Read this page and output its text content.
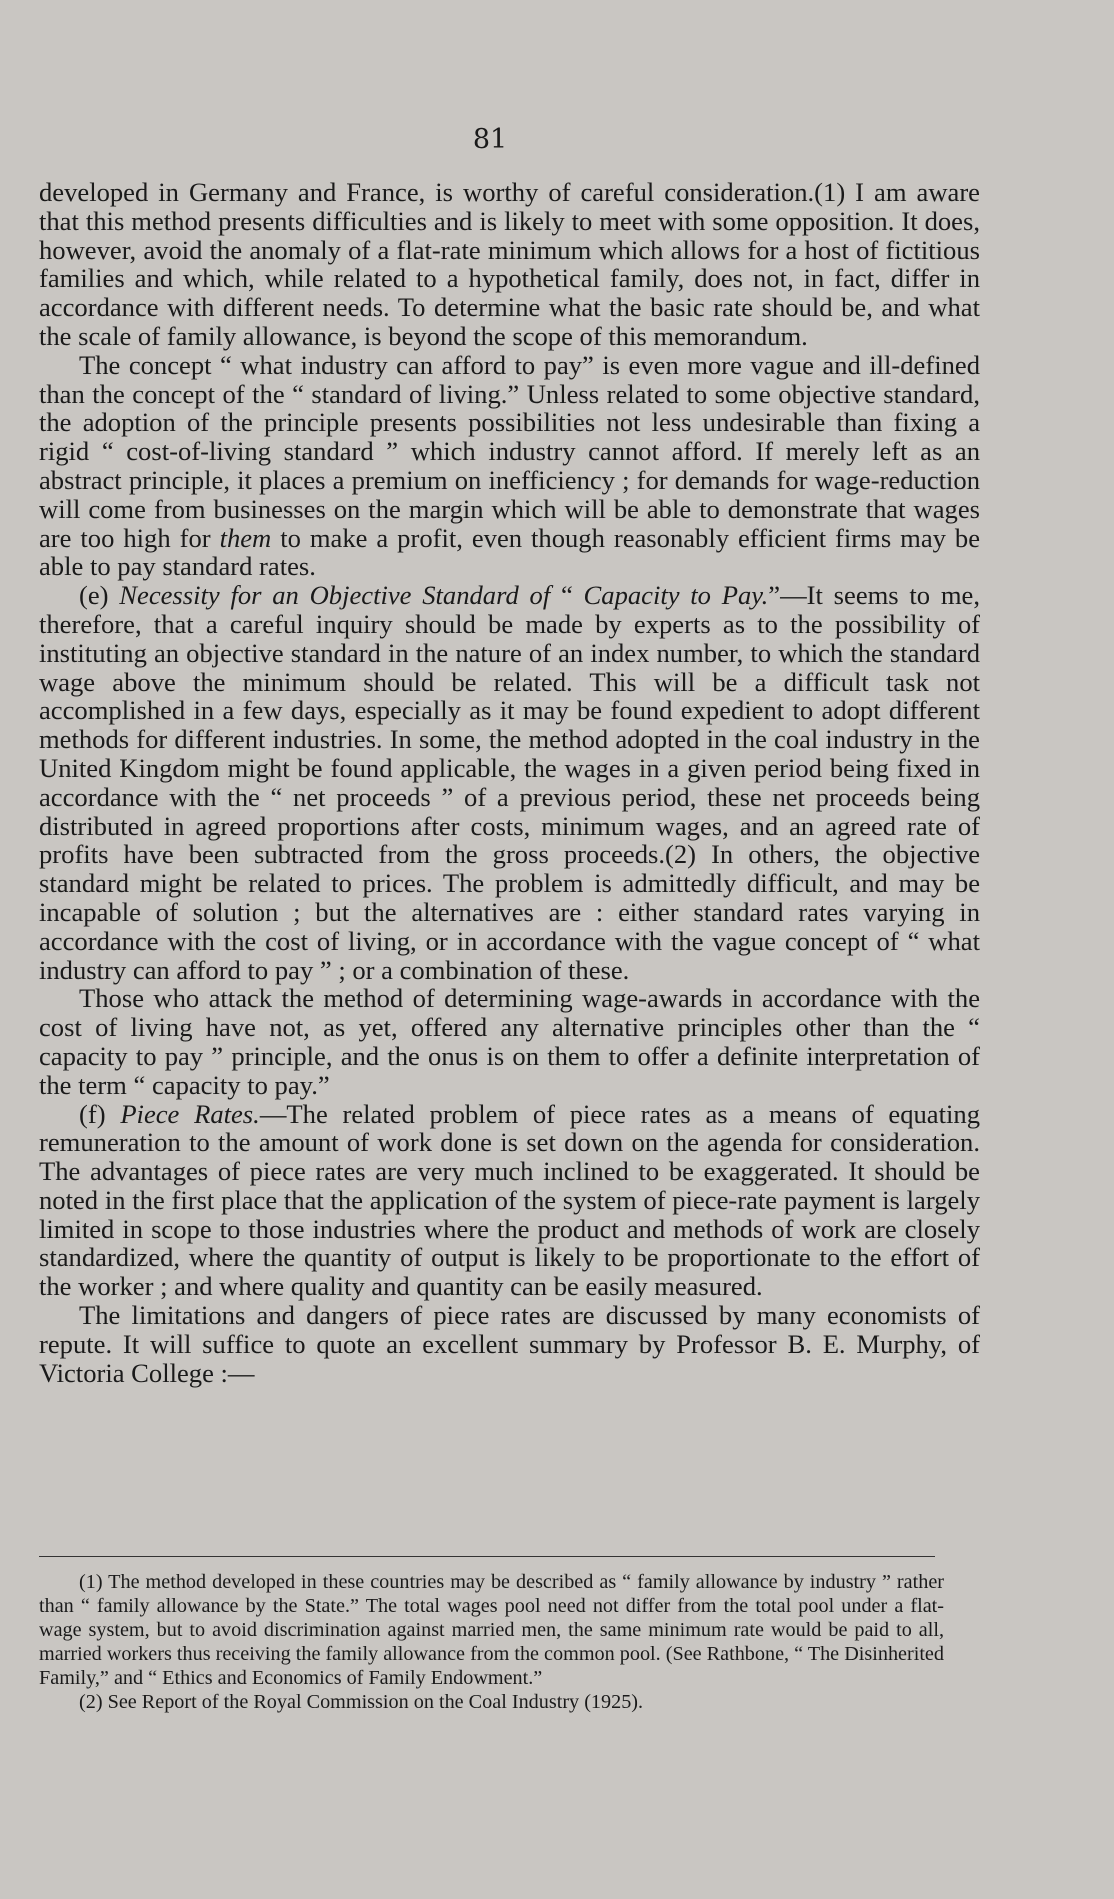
81

developed in Germany and France, is worthy of careful consideration.(1) I am aware that this method presents difficulties and is likely to meet with some opposition. It does, however, avoid the anomaly of a flat-rate minimum which allows for a host of fictitious families and which, while related to a hypothetical family, does not, in fact, differ in accordance with different needs. To determine what the basic rate should be, and what the scale of family allowance, is beyond the scope of this memorandum.

The concept “ what industry can afford to pay” is even more vague and ill-defined than the concept of the “ standard of living.” Unless related to some objective standard, the adoption of the principle presents possibilities not less undesirable than fixing a rigid “ cost-of-living standard ” which industry cannot afford. If merely left as an abstract principle, it places a premium on inefficiency ; for demands for wage-reduction will come from businesses on the margin which will be able to demonstrate that wages are too high for them to make a profit, even though reasonably efficient firms may be able to pay standard rates.

(e) Necessity for an Objective Standard of “ Capacity to Pay.”—It seems to me, therefore, that a careful inquiry should be made by experts as to the possibility of instituting an objective standard in the nature of an index number, to which the standard wage above the minimum should be related. This will be a difficult task not accomplished in a few days, especially as it may be found expedient to adopt different methods for different industries. In some, the method adopted in the coal industry in the United Kingdom might be found applicable, the wages in a given period being fixed in accordance with the “ net proceeds ” of a previous period, these net proceeds being distributed in agreed proportions after costs, minimum wages, and an agreed rate of profits have been subtracted from the gross proceeds.(2) In others, the objective standard might be related to prices. The problem is admittedly difficult, and may be incapable of solution ; but the alternatives are : either standard rates varying in accordance with the cost of living, or in accordance with the vague concept of “ what industry can afford to pay ” ; or a combination of these.

Those who attack the method of determining wage-awards in accordance with the cost of living have not, as yet, offered any alternative principles other than the “ capacity to pay ” principle, and the onus is on them to offer a definite interpretation of the term “ capacity to pay.”

(f) Piece Rates.—The related problem of piece rates as a means of equating remuneration to the amount of work done is set down on the agenda for consideration. The advantages of piece rates are very much inclined to be exaggerated. It should be noted in the first place that the application of the system of piece-rate payment is largely limited in scope to those industries where the product and methods of work are closely standardized, where the quantity of output is likely to be proportionate to the effort of the worker ; and where quality and quantity can be easily measured.

The limitations and dangers of piece rates are discussed by many economists of repute. It will suffice to quote an excellent summary by Professor B. E. Murphy, of Victoria College :—

(1) The method developed in these countries may be described as “ family allowance by industry ” rather than “ family allowance by the State.” The total wages pool need not differ from the total pool under a flat-wage system, but to avoid discrimination against married men, the same minimum rate would be paid to all, married workers thus receiving the family allowance from the common pool. (See Rathbone, “ The Disinherited Family,” and “ Ethics and Economics of Family Endowment.”

(2) See Report of the Royal Commission on the Coal Industry (1925).
